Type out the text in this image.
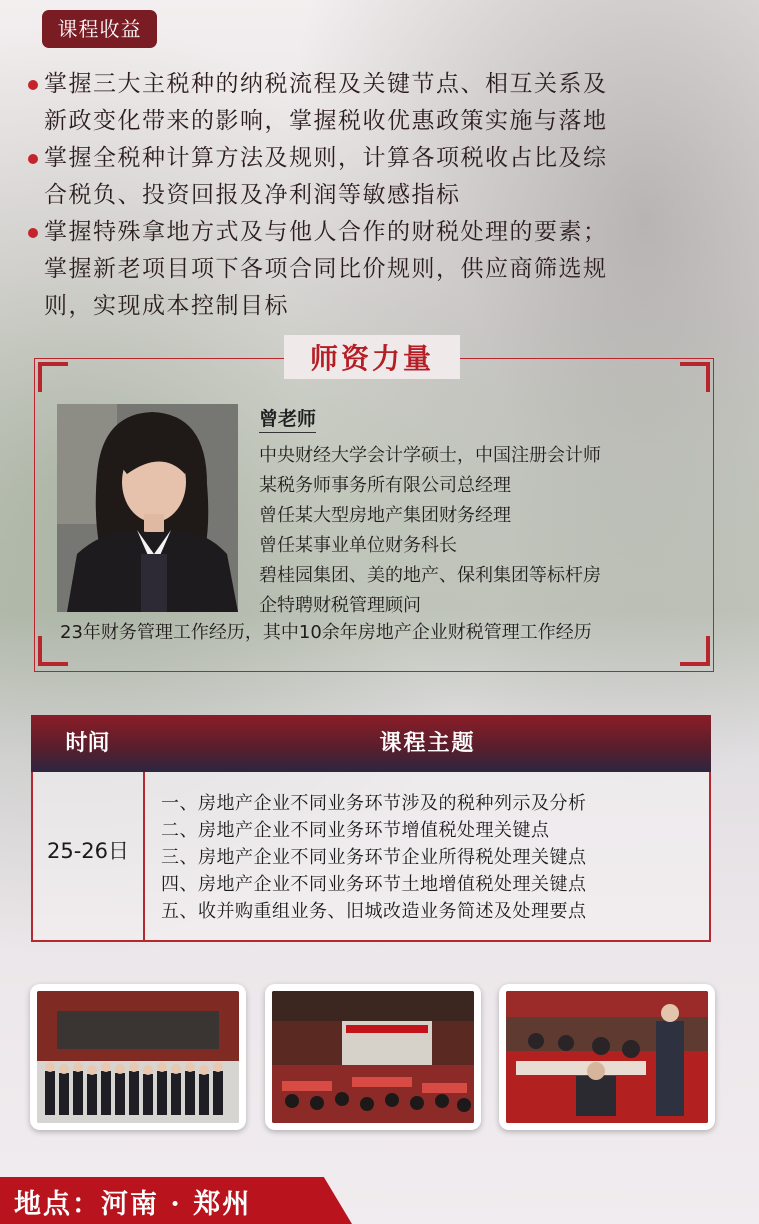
课程收益
掌握三大主税种的纳税流程及关键节点、相互关系及
新政变化带来的影响，掌握税收优惠政策实施与落地
掌握全税种计算方法及规则，计算各项税收占比及综
合税负、投资回报及净利润等敏感指标
掌握特殊拿地方式及与他人合作的财税处理的要素；
掌握新老项目项下各项合同比价规则，供应商筛选规
则，实现成本控制目标
师资力量
曾老师
中央财经大学会计学硕士，中国注册会计师
某税务师事务所有限公司总经理
曾任某大型房地产集团财务经理
曾任某事业单位财务科长
碧桂园集团、美的地产、保利集团等标杆房
企特聘财税管理顾问
23年财务管理工作经历，其中10余年房地产企业财税管理工作经历
时间	课程主题
25-26日
一、房地产企业不同业务环节涉及的税种列示及分析
二、房地产企业不同业务环节增值税处理关键点
三、房地产企业不同业务环节企业所得税处理关键点
四、房地产企业不同业务环节土地增值税处理关键点
五、收并购重组业务、旧城改造业务简述及处理要点
地点：河南 · 郑州
